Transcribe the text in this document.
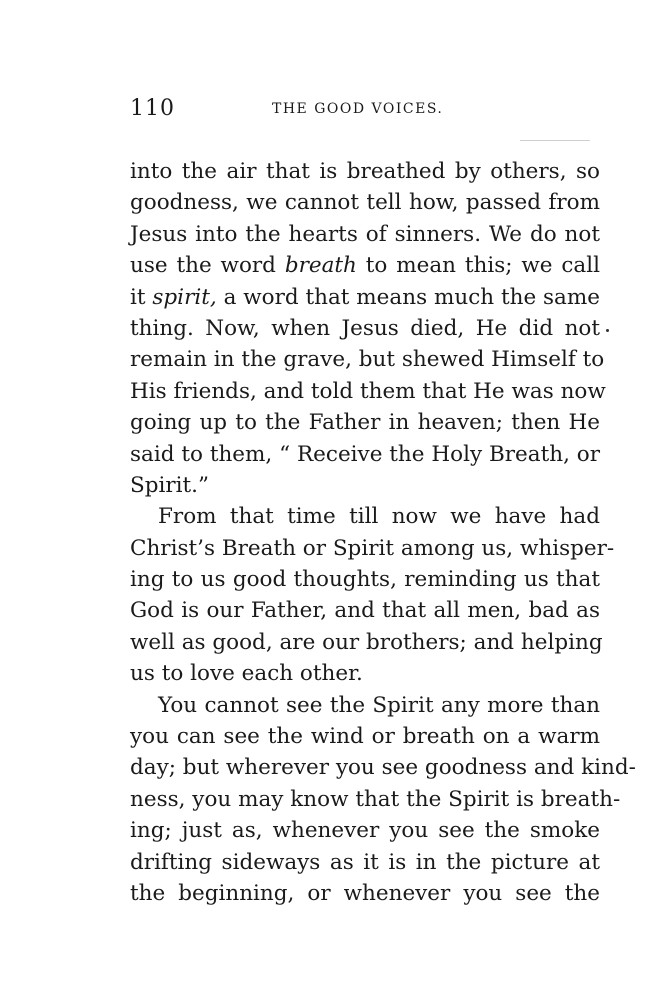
110	THE GOOD VOICES.
into the air that is breathed by others, so
goodness, we cannot tell how, passed from
Jesus into the hearts of sinners. We do not
use the word breath to mean this; we call
it spirit, a word that means much the same
thing. Now, when Jesus died, He did not
remain in the grave, but shewed Himself to
His friends, and told them that He was now
going up to the Father in heaven; then He
said to them, “ Receive the Holy Breath, or
Spirit.”
From that time till now we have had
Christ’s Breath or Spirit among us, whisper-
ing to us good thoughts, reminding us that
God is our Father, and that all men, bad as
well as good, are our brothers; and helping
us to love each other.
You cannot see the Spirit any more than
you can see the wind or breath on a warm
day; but wherever you see goodness and kind-
ness, you may know that the Spirit is breath-
ing; just as, whenever you see the smoke
drifting sideways as it is in the picture at
the beginning, or whenever you see the
